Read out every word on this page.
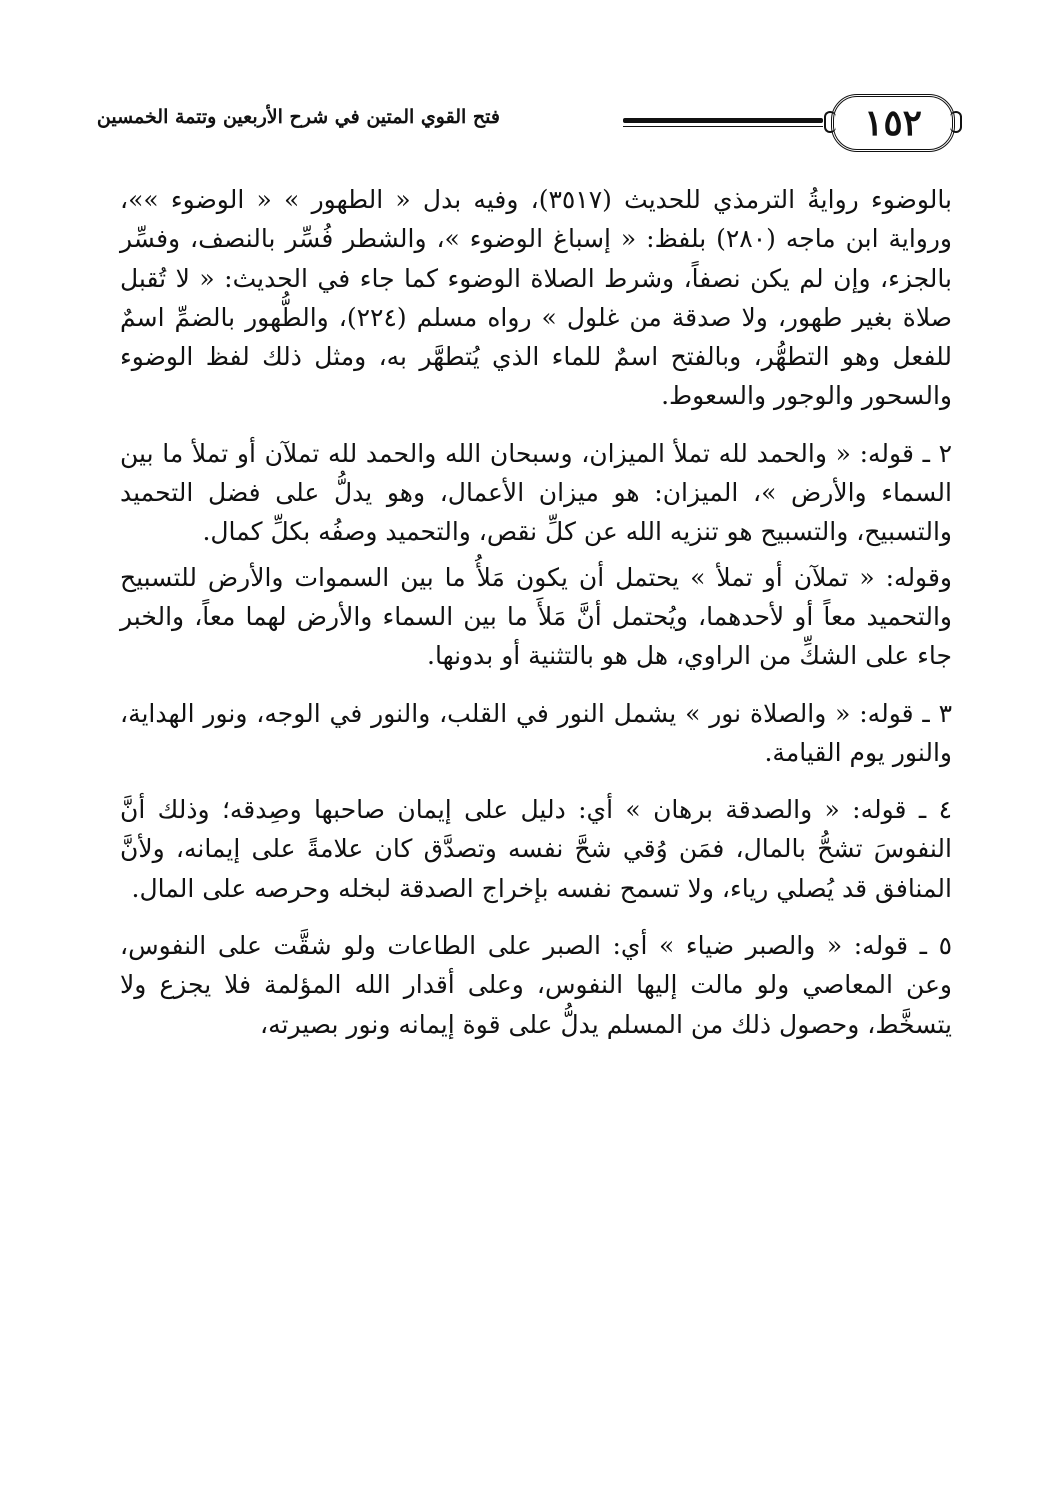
١٥٢
فتح القوي المتين في شرح الأربعين وتتمة الخمسين

بالوضوء روايةُ الترمذي للحديث (٣٥١٧)، وفيه بدل « الطهور » « الوضوء »»، ورواية ابن ماجه (٢٨٠) بلفظ: « إسباغ الوضوء »، والشطر فُسِّر بالنصف، وفسِّر بالجزء، وإن لم يكن نصفاً، وشرط الصلاة الوضوء كما جاء في الحديث: « لا تُقبل صلاة بغير طهور، ولا صدقة من غلول » رواه مسلم (٢٢٤)، والطُّهور بالضمِّ اسمٌ للفعل وهو التطهُّر، وبالفتح اسمٌ للماء الذي يُتطهَّر به، ومثل ذلك لفظ الوضوء والسحور والوجور والسعوط.

٢ ـ قوله: « والحمد لله تملأ الميزان، وسبحان الله والحمد لله تملآن أو تملأ ما بين السماء والأرض »، الميزان: هو ميزان الأعمال، وهو يدلُّ على فضل التحميد والتسبيح، والتسبيح هو تنزيه الله عن كلِّ نقص، والتحميد وصفُه بكلِّ كمال.

وقوله: « تملآن أو تملأ » يحتمل أن يكون مَلأُ ما بين السموات والأرض للتسبيح والتحميد معاً أو لأحدهما، ويُحتمل أنَّ مَلأَ ما بين السماء والأرض لهما معاً، والخبر جاء على الشكِّ من الراوي، هل هو بالتثنية أو بدونها.

٣ ـ قوله: « والصلاة نور » يشمل النور في القلب، والنور في الوجه، ونور الهداية، والنور يوم القيامة.

٤ ـ قوله: « والصدقة برهان » أي: دليل على إيمان صاحبها وصِدقه؛ وذلك أنَّ النفوسَ تشحُّ بالمال، فمَن وُقي شحَّ نفسه وتصدَّق كان علامةً على إيمانه، ولأنَّ المنافق قد يُصلي رياء، ولا تسمح نفسه بإخراج الصدقة لبخله وحرصه على المال.

٥ ـ قوله: « والصبر ضياء » أي: الصبر على الطاعات ولو شقَّت على النفوس، وعن المعاصي ولو مالت إليها النفوس، وعلى أقدار الله المؤلمة فلا يجزع ولا يتسخَّط، وحصول ذلك من المسلم يدلُّ على قوة إيمانه ونور بصيرته،
